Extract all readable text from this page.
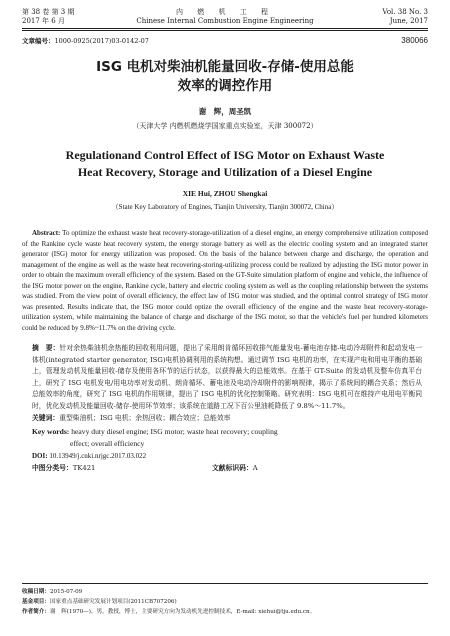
第 38 卷 第 3 期
2017 年 6 月
内 燃 机 工 程
Chinese Internal Combustion Engine Engineering
Vol. 38 No. 3
June, 2017
文章编号：1000-0925(2017)03-0142-07	380066
ISG 电机对柴油机能量回收-存储-使用总能
效率的调控作用
谢　辉，周圣凯
（天津大学 内燃机燃烧学国家重点实验室，天津 300072）
Regulationand Control Effect of ISG Motor on Exhaust Waste
Heat Recovery, Storage and Utilization of a Diesel Engine
XIE Hui, ZHOU Shengkai
（State Key Laboratory of Engines, Tianjin University, Tianjin 300072, China）
Abstract: To optimize the exhaust waste heat recovery-storage-utilization of a diesel engine, an energy comprehensive utilization composed of the Rankine cycle waste heat recovery system, the energy storage battery as well as the electric cooling system and an integrated starter generator (ISG) motor for energy utilization was proposed. On the basis of the balance between charge and discharge, the operation and management of the engine as well as the waste heat recovering-storing-utilizing process could be realized by adjusting the ISG motor power in order to obtain the maximum overall efficiency of the system. Based on the GT-Suite simulation platform of engine and vehicle, the influence of the ISG motor power on the engine, Rankine cycle, battery and electric cooling system as well as the coupling relationship between the systems was studied. From the view point of overall efficiency, the effect law of ISG motor was studied, and the optimal control strategy of ISG motor was presented. Results indicate that, the ISG motor could optize the overall efficiency of the engine and the waste heat recovery-storage-utilization system, while maintaining the balance of charge and discharge of the ISG motor, so that the vehicle's fuel per hundred kilometers could be reduced by 9.8%~11.7% on the driving cycle.
摘　要：针对余热柴油机余热能的回收利用问题，提出了采用朗肯循环回收排气能量发电-蓄电池存储-电动冷却附件和起动发电一体机(integrated starter generator, ISG)电机协调利用的系统构想。通过调节 ISG 电机的功率，在实现产电和用电平衡的基础上，管理发动机及能量回收-储存及使用各环节的运行状态，以获得最大的总能效率。在基于 GT-Suite 的发动机及整车仿真平台上，研究了 ISG 电机发电/用电功率对发动机、朗肯循环、蓄电池及电动冷却附件的影响规律，揭示了系统间的耦合关系；然后从总能效率的角度，研究了 ISG 电机的作用规律，提出了 ISG 电机的优化控制策略。研究表明：ISG 电机可在维持产电用电平衡同时，优化发动机及能量回收-储存-使用环节效率；该系统在道路工况下百公里油耗降低了 9.8%～11.7%。
关键词：重型柴油机；ISG 电机；余热回收；耦合效应；总能效率
Key words: heavy duty diesel engine; ISG motor; waste heat recovery; coupling
effect; overall efficiency
DOI: 10.13949/j.cnki.nrjgc.2017.03.022
中图分类号：TK421	文献标识码：A
收稿日期：2015-07-09
基金项目：国家重点基础研究发展计划项目(2011CB707206)
作者简介：谢　辉(1970—)，男，教授，博士，主要研究方向为发动机先进控制技术，E-mail: xiehui@tju.edu.cn。
